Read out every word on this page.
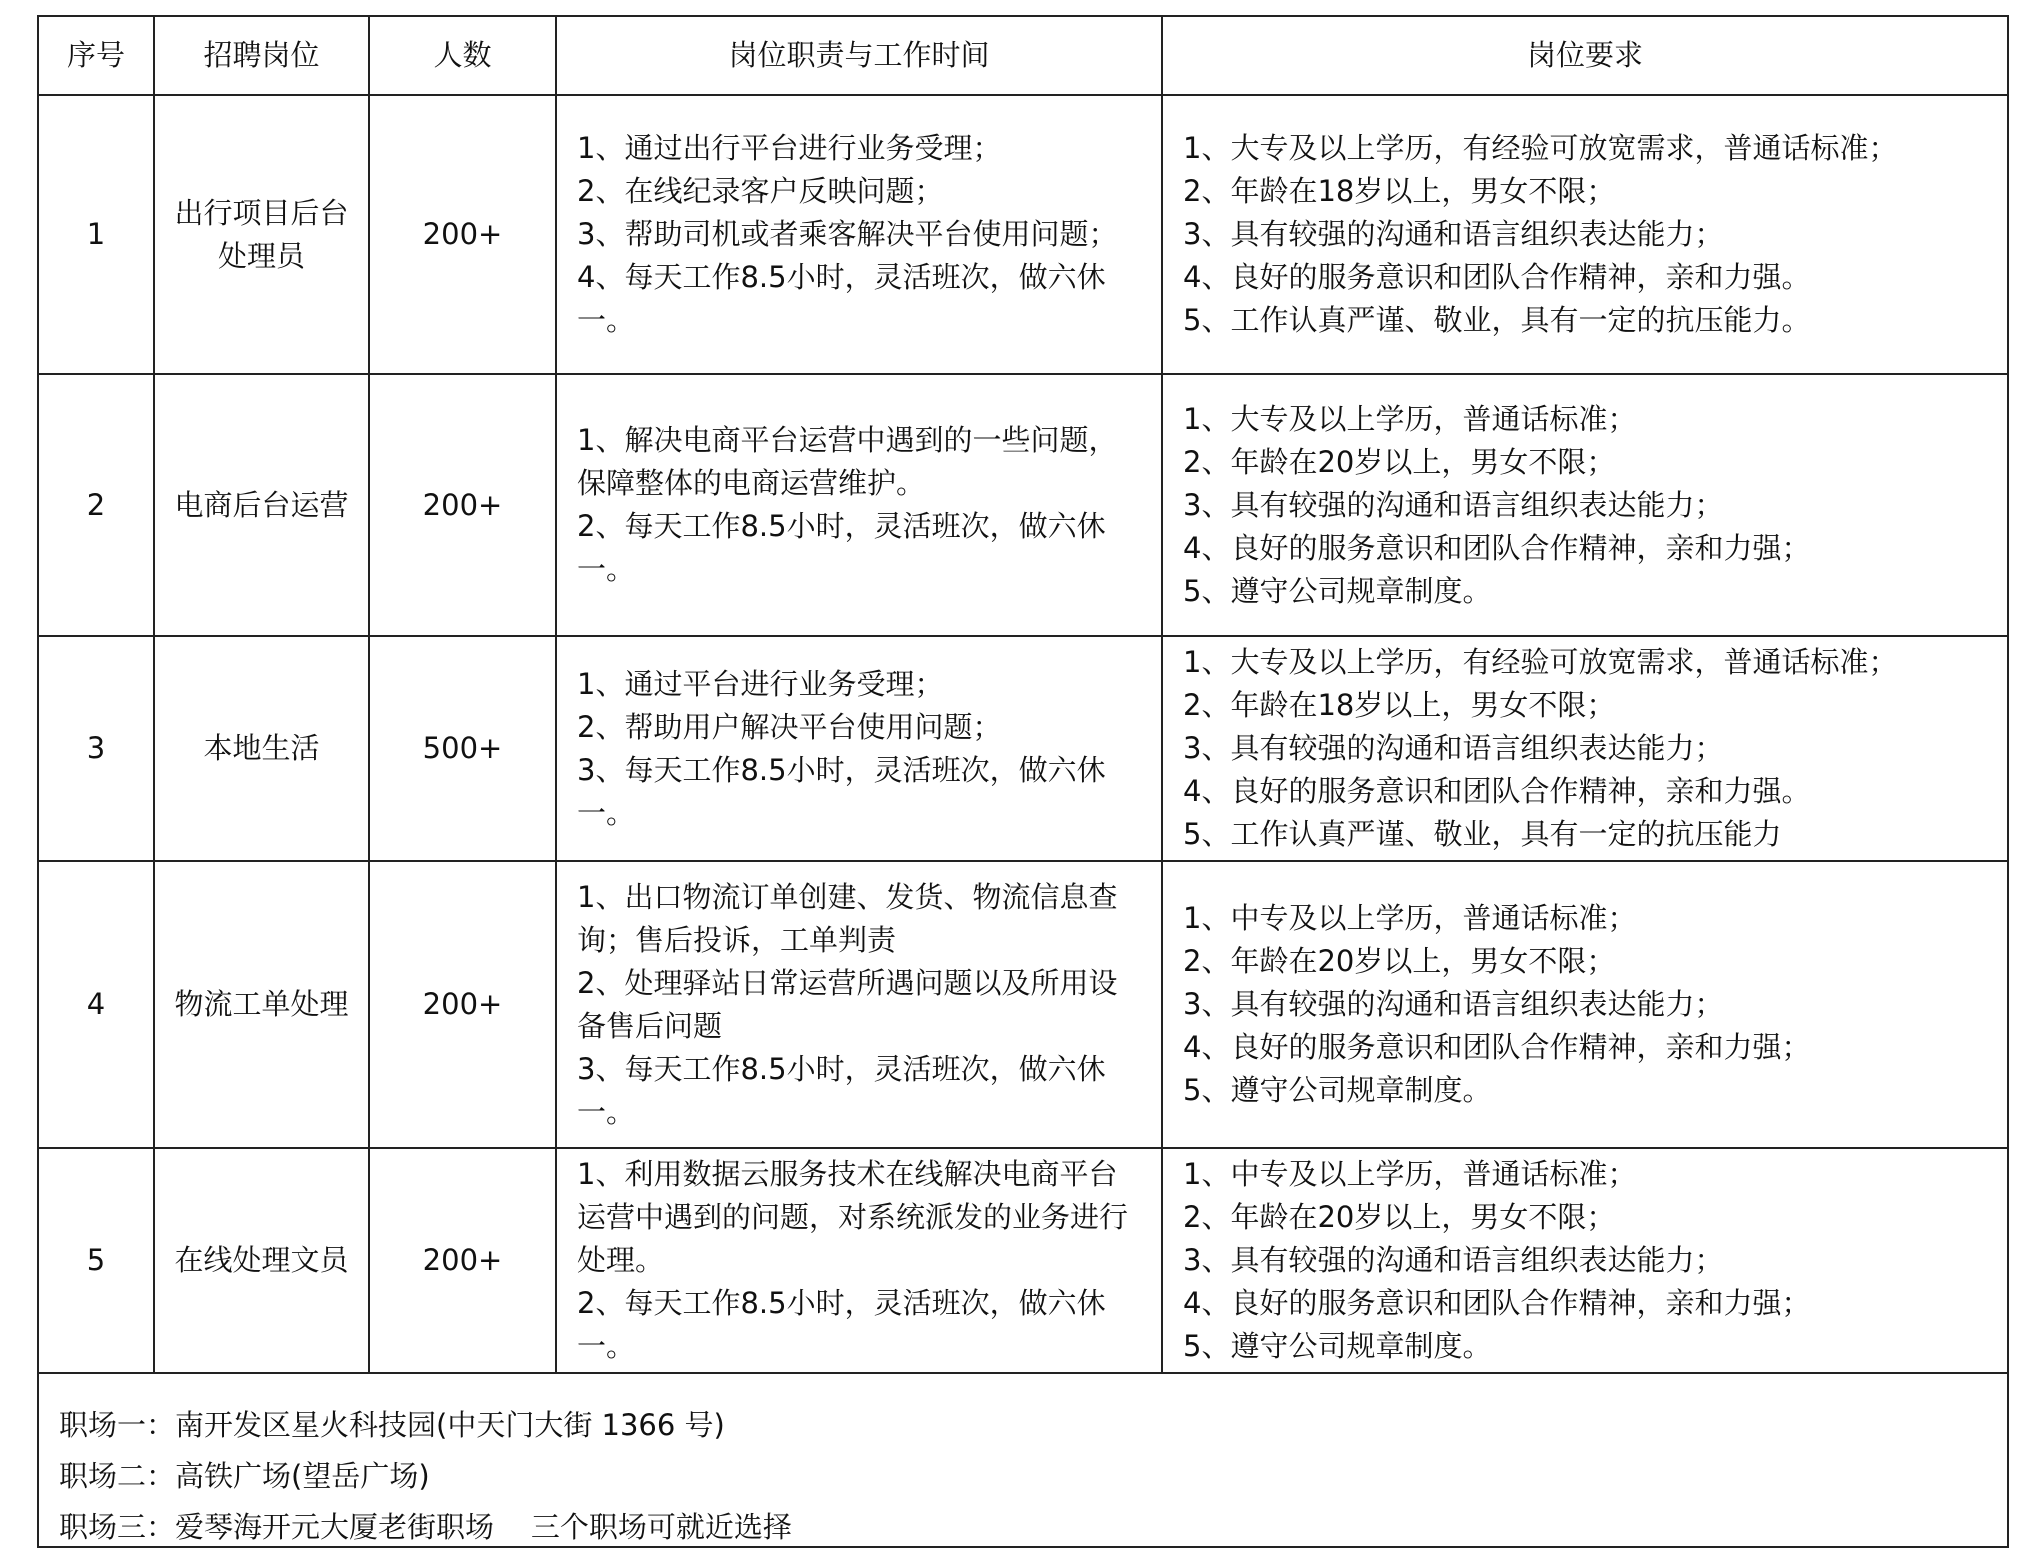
序号	招聘岗位	人数	岗位职责与工作时间	岗位要求
1	出行项目后台处理员	200+	1、通过出行平台进行业务受理；
2、在线纪录客户反映问题；
3、帮助司机或者乘客解决平台使用问题；
4、每天工作8.5小时，灵活班次，做六休一。	1、大专及以上学历，有经验可放宽需求，普通话标准；
2、年龄在18岁以上，男女不限；
3、具有较强的沟通和语言组织表达能力；
4、良好的服务意识和团队合作精神，亲和力强。
5、工作认真严谨、敬业，具有一定的抗压能力。

2	电商后台运营	200+	1、解决电商平台运营中遇到的一些问题，保障整体的电商运营维护。
2、每天工作8.5小时，灵活班次，做六休一。	1、大专及以上学历，普通话标准；
2、年龄在20岁以上，男女不限；
3、具有较强的沟通和语言组织表达能力；
4、良好的服务意识和团队合作精神，亲和力强；
5、遵守公司规章制度。

3	本地生活	500+	1、通过平台进行业务受理；
2、帮助用户解决平台使用问题；
3、每天工作8.5小时，灵活班次，做六休一。	1、大专及以上学历，有经验可放宽需求，普通话标准；
2、年龄在18岁以上，男女不限；
3、具有较强的沟通和语言组织表达能力；
4、良好的服务意识和团队合作精神，亲和力强。
5、工作认真严谨、敬业，具有一定的抗压能力

4	物流工单处理	200+	1、出口物流订单创建、发货、物流信息查询；售后投诉，工单判责
2、处理驿站日常运营所遇问题以及所用设备售后问题
3、每天工作8.5小时，灵活班次，做六休一。	1、中专及以上学历，普通话标准；
2、年龄在20岁以上，男女不限；
3、具有较强的沟通和语言组织表达能力；
4、良好的服务意识和团队合作精神，亲和力强；
5、遵守公司规章制度。

5	在线处理文员	200+	1、利用数据云服务技术在线解决电商平台运营中遇到的问题，对系统派发的业务进行处理。
2、每天工作8.5小时，灵活班次，做六休一。	1、中专及以上学历，普通话标准；
2、年龄在20岁以上，男女不限；
3、具有较强的沟通和语言组织表达能力；
4、良好的服务意识和团队合作精神，亲和力强；
5、遵守公司规章制度。
职场一：南开发区星火科技园(中天门大街 1366 号)
职场二：高铁广场(望岳广场)
职场三：爱琴海开元大厦老街职场    三个职场可就近选择
